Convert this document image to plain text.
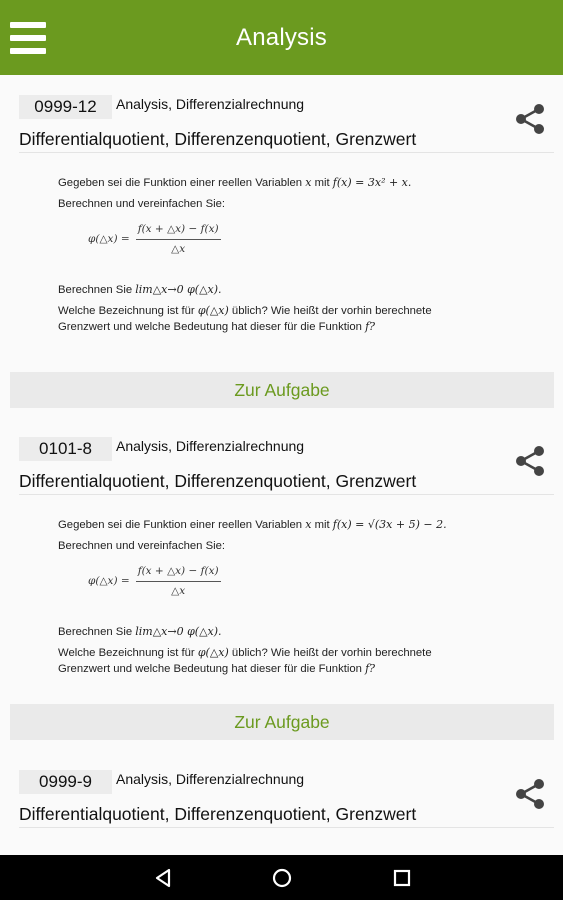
Analysis
0999-12	Analysis, Differenzialrechnung
Differentialquotient, Differenzenquotient, Grenzwert
Gegeben sei die Funktion einer reellen Variablen x mit f(x) = 3x² + x.
Berechnen und vereinfachen Sie:
φ(△x) = $\frac{f(x + \triangle x) - f(x)}{\triangle x}$
Berechnen Sie lim△x→0 φ(△x).
Welche Bezeichnung ist für φ(△x) üblich? Wie heißt der vorhin berechnete
Grenzwert und welche Bedeutung hat dieser für die Funktion f?
Zur Aufgabe
0101-8	Analysis, Differenzialrechnung
Differentialquotient, Differenzenquotient, Grenzwert
Gegeben sei die Funktion einer reellen Variablen x mit f(x) = √(3x + 5) − 2.
Berechnen und vereinfachen Sie:
φ(△x) = $\frac{f(x + \triangle x) - f(x)}{\triangle x}$
Berechnen Sie lim△x→0 φ(△x).
Welche Bezeichnung ist für φ(△x) üblich? Wie heißt der vorhin berechnete
Grenzwert und welche Bedeutung hat dieser für die Funktion f?
Zur Aufgabe
0999-9	Analysis, Differenzialrechnung
Differentialquotient, Differenzenquotient, Grenzwert
